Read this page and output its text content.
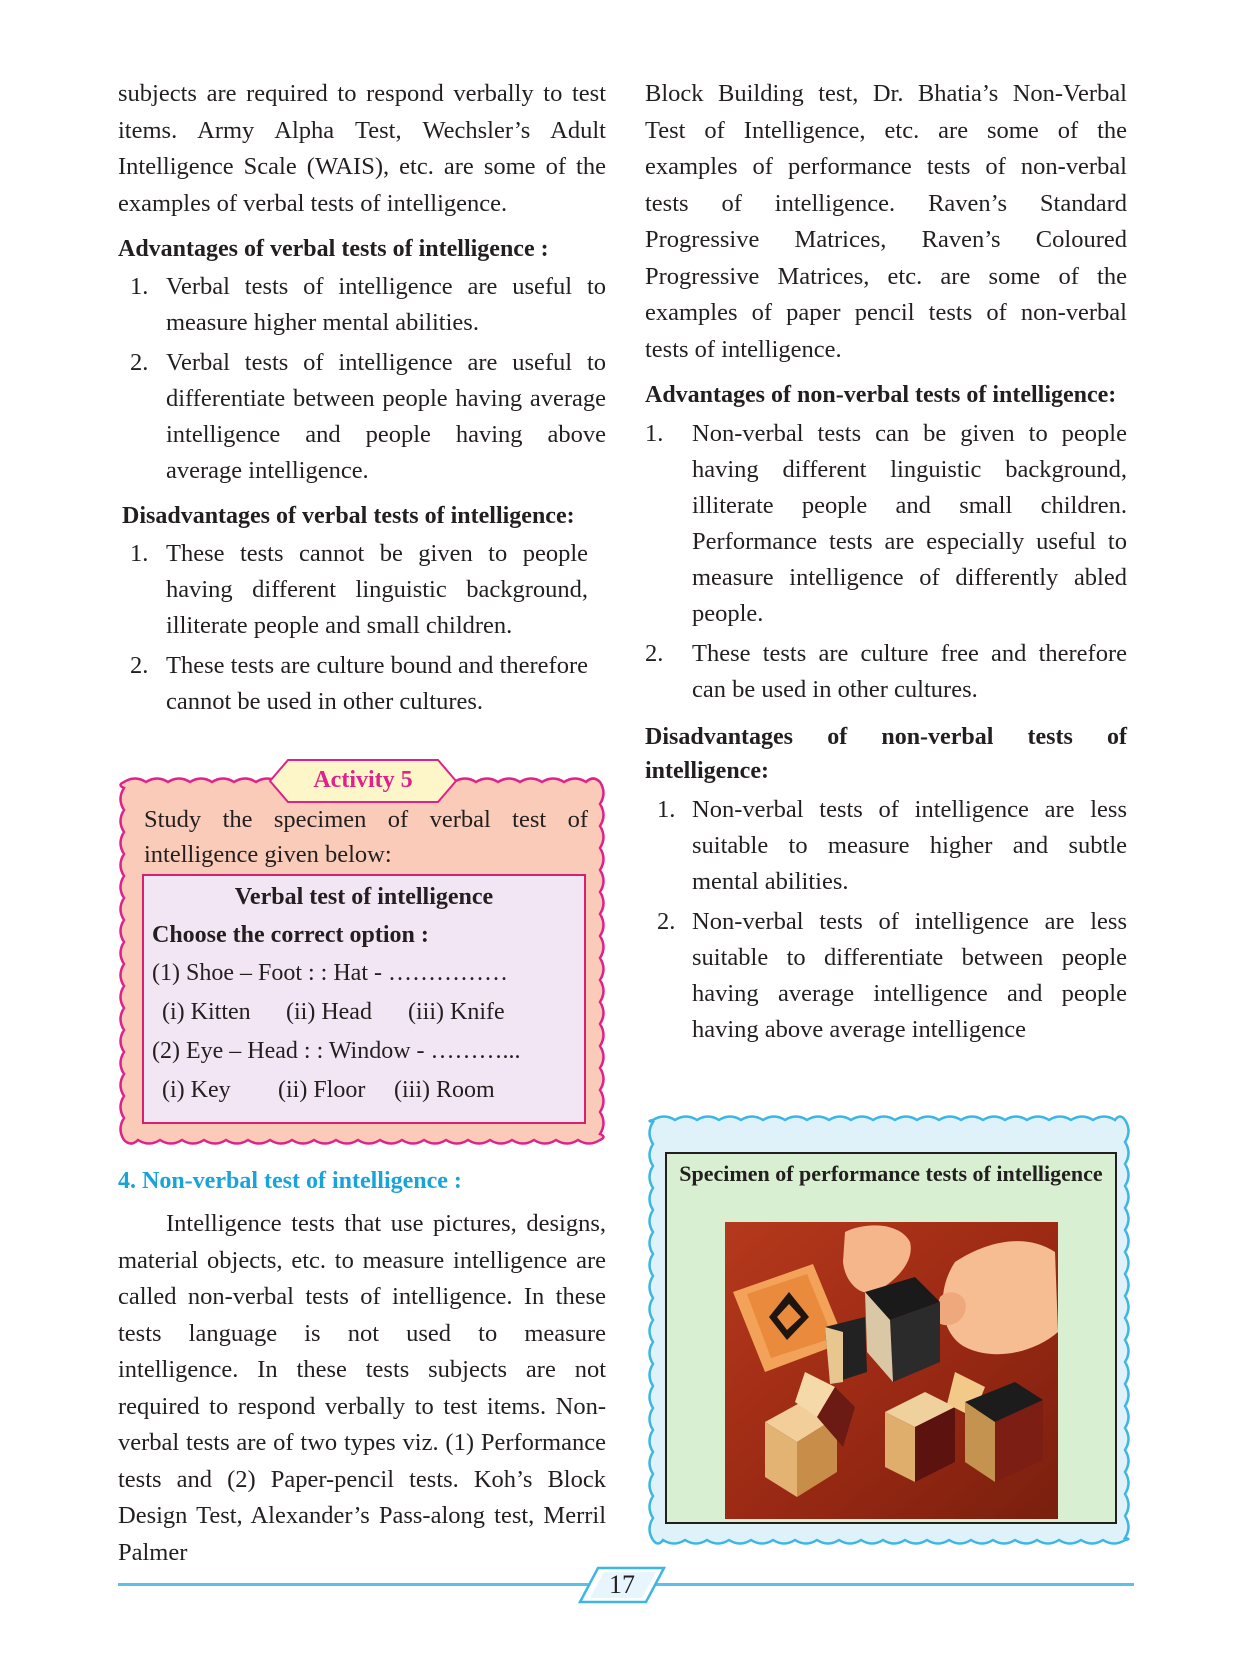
subjects are required to respond verbally to test items. Army Alpha Test, Wechsler’s Adult Intelligence Scale (WAIS), etc. are some of the examples of verbal tests of intelligence.

Advantages of verbal tests of intelligence :
1. Verbal tests of intelligence are useful to measure higher mental abilities.
2. Verbal tests of intelligence are useful to differentiate between people having average intelligence and people having above average intelligence.
Disadvantages of verbal tests of intelligence:
1. These tests cannot be given to people having different linguistic background, illiterate people and small children.
2. These tests are culture bound and therefore cannot be used in other cultures.
Activity 5
Study the specimen of verbal test of intelligence given below:
Verbal test of intelligence
Choose the correct option :
(1) Shoe – Foot : : Hat - ……………
(i) Kitten (ii) Head (iii) Knife
(2) Eye – Head : : Window - ………...
(i) Key (ii) Floor (iii) Room
4. Non-verbal test of intelligence :

Intelligence tests that use pictures, designs, material objects, etc. to measure intelligence are called non-verbal tests of intelligence. In these tests language is not used to measure intelligence. In these tests subjects are not required to respond verbally to test items. Non-verbal tests are of two types viz. (1) Performance tests and (2) Paper-pencil tests. Koh’s Block Design Test, Alexander’s Pass-along test, Merril Palmer

Block Building test, Dr. Bhatia’s Non-Verbal Test of Intelligence, etc. are some of the examples of performance tests of non-verbal tests of intelligence. Raven’s Standard Progressive Matrices, Raven’s Coloured Progressive Matrices, etc. are some of the examples of paper pencil tests of non-verbal tests of intelligence.

Advantages of non-verbal tests of intelligence:
1. Non-verbal tests can be given to people having different linguistic background, illiterate people and small children. Performance tests are especially useful to measure intelligence of differently abled people.
2. These tests are culture free and therefore can be used in other cultures.
Disadvantages of non-verbal tests of intelligence:
1. Non-verbal tests of intelligence are less suitable to measure higher and subtle mental abilities.
2. Non-verbal tests of intelligence are less suitable to differentiate between people having average intelligence and people having above average intelligence
Specimen of performance tests of intelligence
17
